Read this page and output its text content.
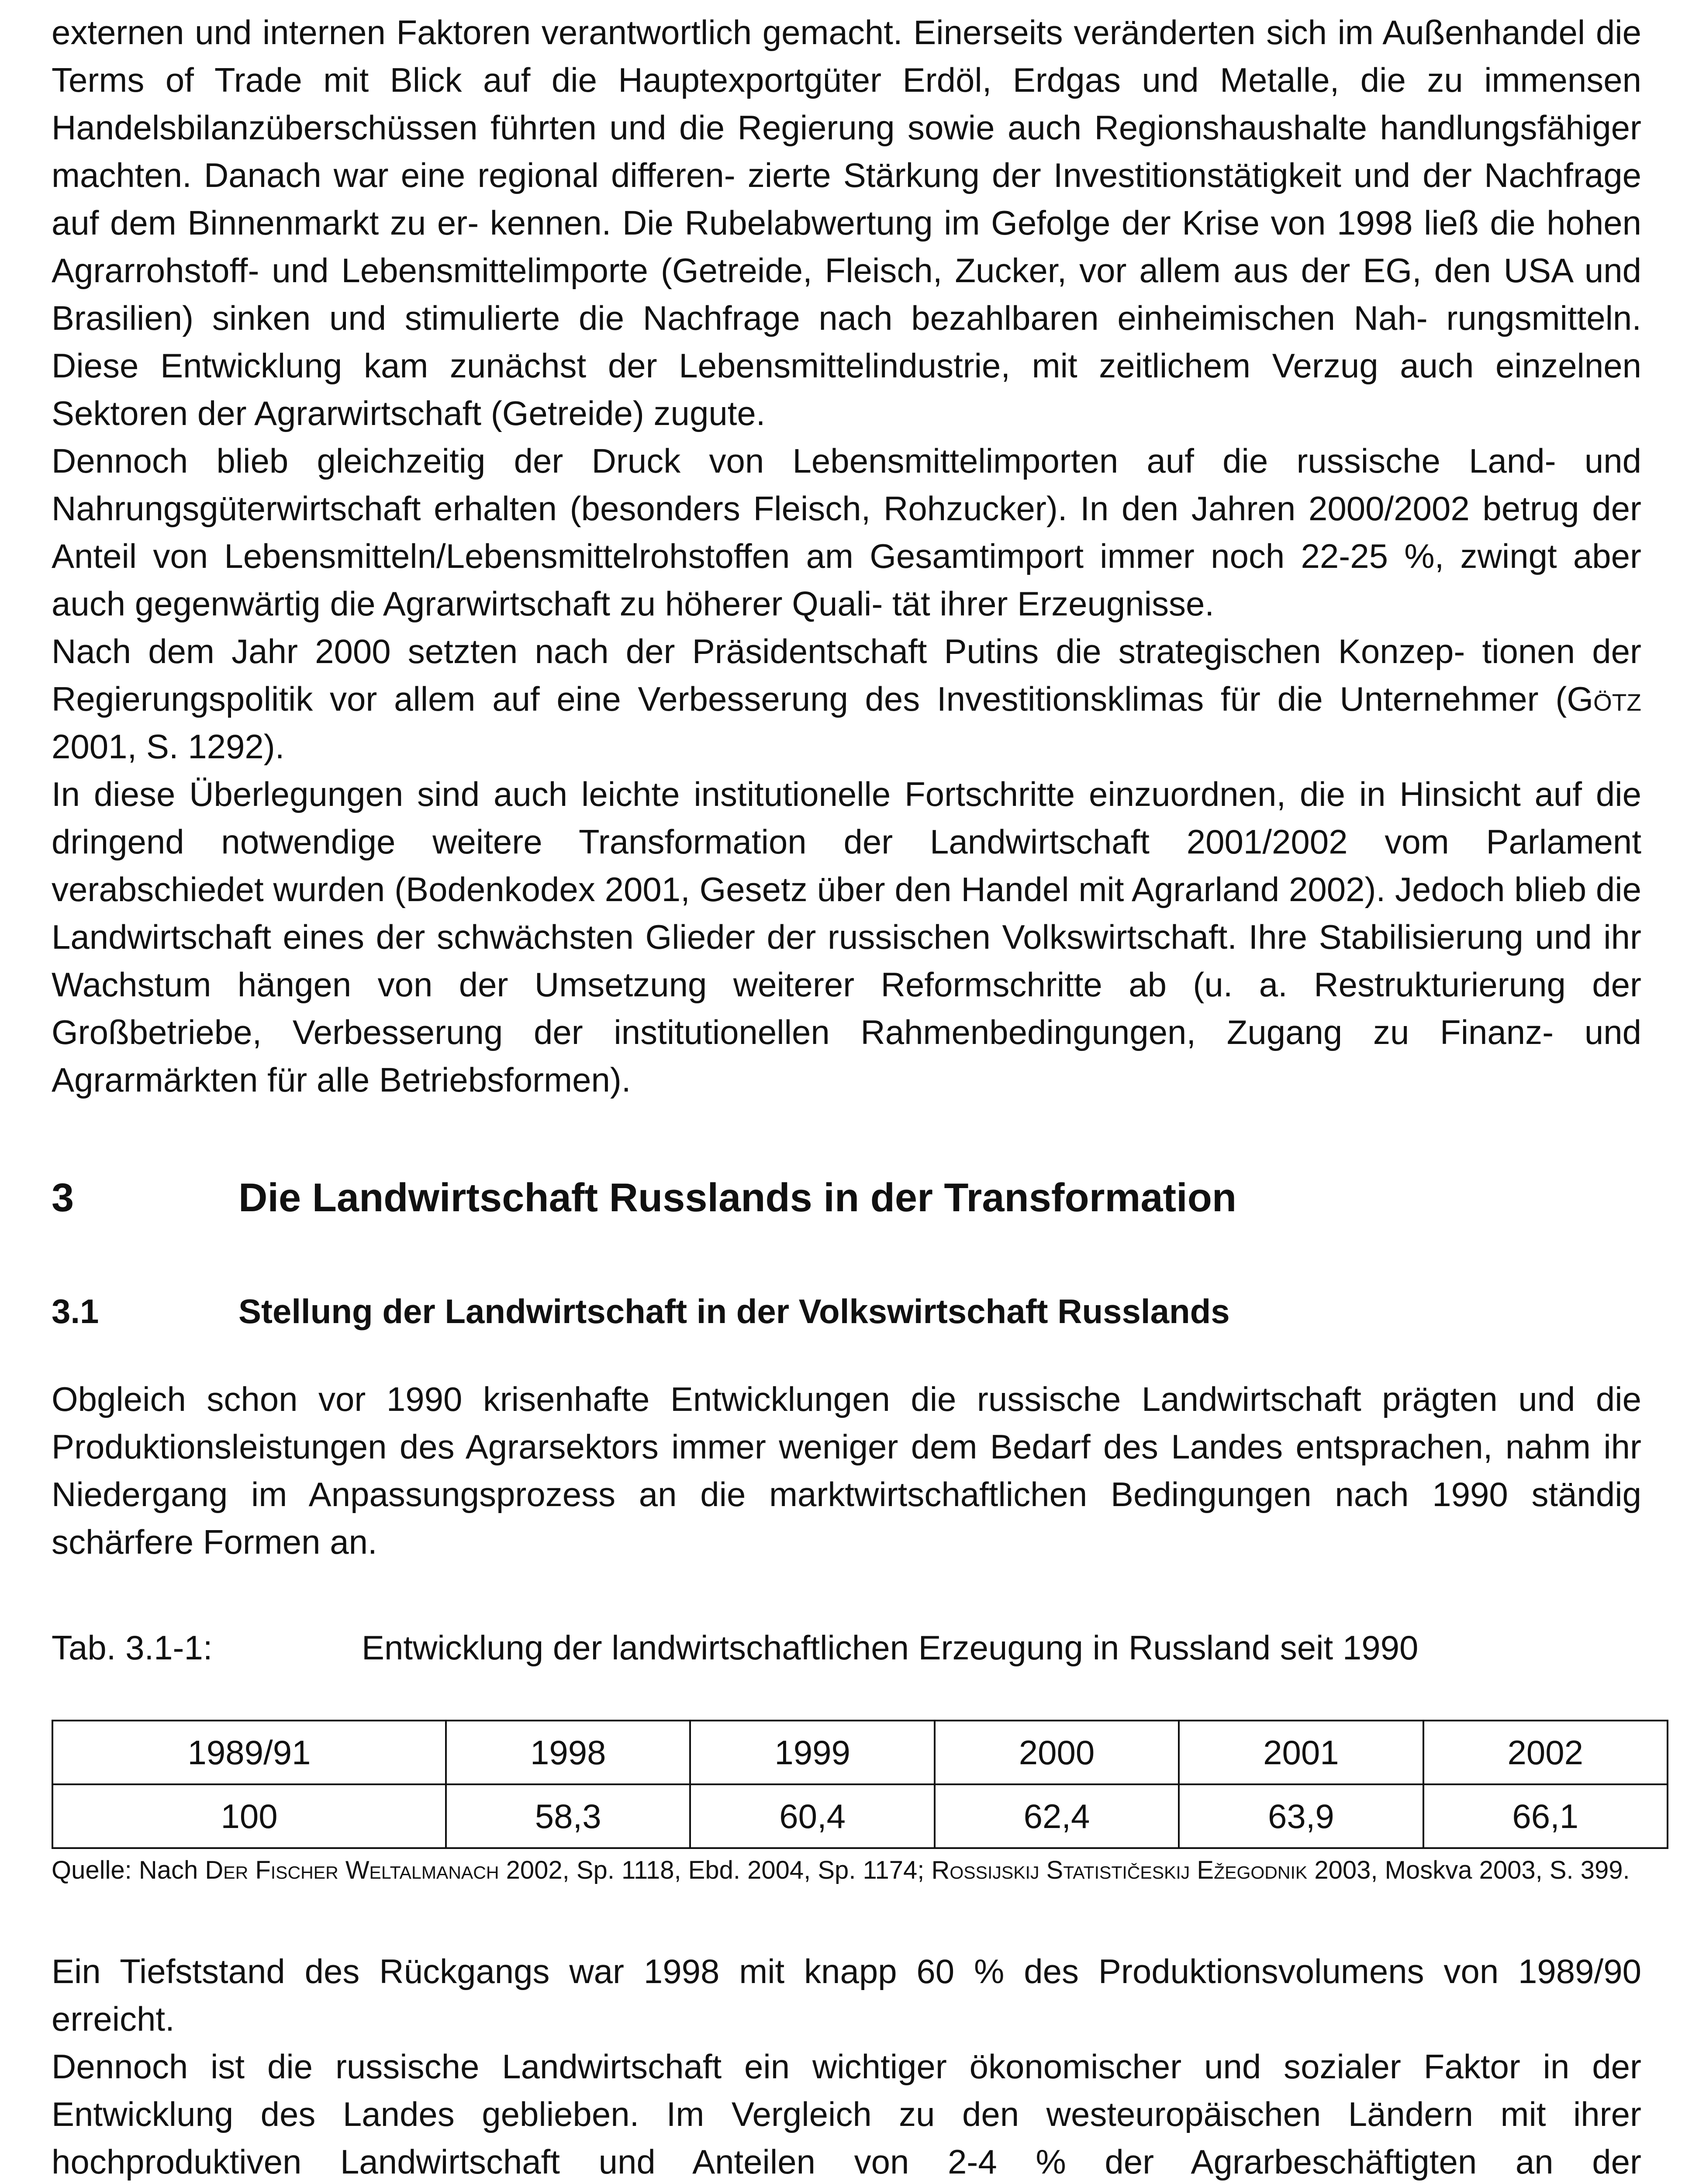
externen und internen Faktoren verantwortlich gemacht. Einerseits veränderten sich im Außenhandel die Terms of Trade mit Blick auf die Hauptexportgüter Erdöl, Erdgas und Metalle, die zu immensen Handelsbilanzüberschüssen führten und die Regierung sowie auch Regionshaushalte handlungsfähiger machten. Danach war eine regional differen- zierte Stärkung der Investitionstätigkeit und der Nachfrage auf dem Binnenmarkt zu er- kennen. Die Rubelabwertung im Gefolge der Krise von 1998 ließ die hohen Agrarrohstoff- und Lebensmittelimporte (Getreide, Fleisch, Zucker, vor allem aus der EG, den USA und Brasilien) sinken und stimulierte die Nachfrage nach bezahlbaren einheimischen Nah- rungsmitteln. Diese Entwicklung kam zunächst der Lebensmittelindustrie, mit zeitlichem Verzug auch einzelnen Sektoren der Agrarwirtschaft (Getreide) zugute.

Dennoch blieb gleichzeitig der Druck von Lebensmittelimporten auf die russische Land- und Nahrungsgüterwirtschaft erhalten (besonders Fleisch, Rohzucker). In den Jahren 2000/2002 betrug der Anteil von Lebensmitteln/Lebensmittelrohstoffen am Gesamtimport immer noch 22-25 %, zwingt aber auch gegenwärtig die Agrarwirtschaft zu höherer Quali- tät ihrer Erzeugnisse.

Nach dem Jahr 2000 setzten nach der Präsidentschaft Putins die strategischen Konzep- tionen der Regierungspolitik vor allem auf eine Verbesserung des Investitionsklimas für die Unternehmer (Götz 2001, S. 1292).

In diese Überlegungen sind auch leichte institutionelle Fortschritte einzuordnen, die in Hinsicht auf die dringend notwendige weitere Transformation der Landwirtschaft 2001/2002 vom Parlament verabschiedet wurden (Bodenkodex 2001, Gesetz über den Handel mit Agrarland 2002). Jedoch blieb die Landwirtschaft eines der schwächsten Glieder der russischen Volkswirtschaft. Ihre Stabilisierung und ihr Wachstum hängen von der Umsetzung weiterer Reformschritte ab (u. a. Restrukturierung der Großbetriebe, Verbesserung der institutionellen Rahmenbedingungen, Zugang zu Finanz- und Agrarmärkten für alle Betriebsformen).

3	Die Landwirtschaft Russlands in der Transformation
3.1	Stellung der Landwirtschaft in der Volkswirtschaft Russlands

Obgleich schon vor 1990 krisenhafte Entwicklungen die russische Landwirtschaft prägten und die Produktionsleistungen des Agrarsektors immer weniger dem Bedarf des Landes entsprachen, nahm ihr Niedergang im Anpassungsprozess an die marktwirtschaftlichen Bedingungen nach 1990 ständig schärfere Formen an.

Tab. 3.1-1:	Entwicklung der landwirtschaftlichen Erzeugung in Russland seit 1990
1989/91	1998	1999	2000	2001	2002
100	58,3	60,4	62,4	63,9	66,1

Quelle: Nach Der Fischer Weltalmanach 2002, Sp. 1118, Ebd. 2004, Sp. 1174; Rossijskij Statističeskij Ežegodnik 2003, Moskva 2003, S. 399.

Ein Tiefststand des Rückgangs war 1998 mit knapp 60 % des Produktionsvolumens von 1989/90 erreicht.

Dennoch ist die russische Landwirtschaft ein wichtiger ökonomischer und sozialer Faktor in der Entwicklung des Landes geblieben. Im Vergleich zu den westeuropäischen Ländern mit ihrer hochproduktiven Landwirtschaft und Anteilen von 2-4 % der Agrarbeschäftigten an der
